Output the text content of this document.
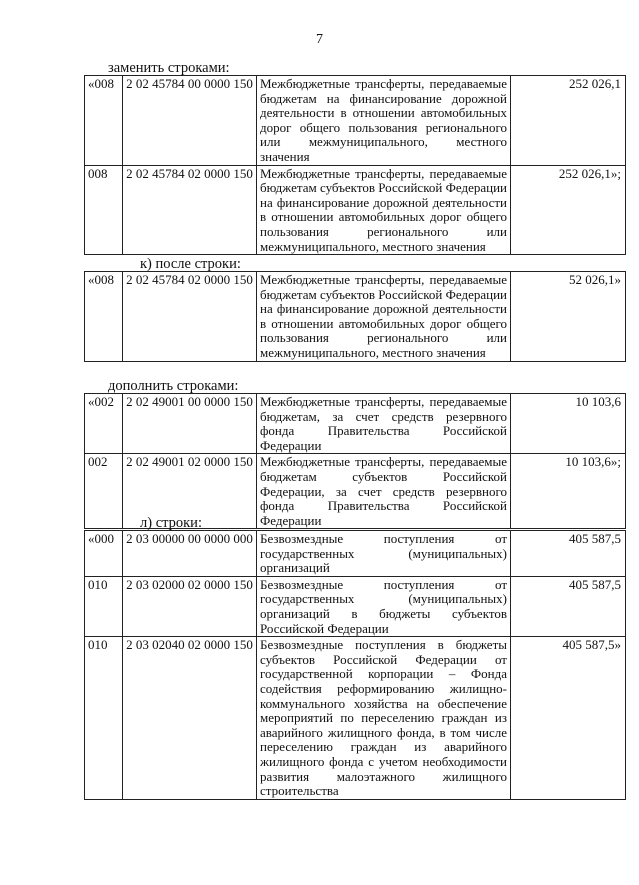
7
заменить строками:
«008	2 02 45784 00 0000 150	Межбюджетные трансферты, передаваемые бюджетам на финансирование дорожной деятельности в отношении автомобильных дорог общего пользования регионального или межмуниципального, местного значения	252 026,1
008	2 02 45784 02 0000 150	Межбюджетные трансферты, передаваемые бюджетам субъектов Российской Федерации на финансирование дорожной деятельности в отношении автомобильных дорог общего пользования регионального или межмуниципального, местного значения	252 026,1»;
к) после строки:
«008	2 02 45784 02 0000 150	Межбюджетные трансферты, передаваемые бюджетам субъектов Российской Федерации на финансирование дорожной деятельности в отношении автомобильных дорог общего пользования регионального или межмуниципального, местного значения	52 026,1»
дополнить строками:
«002	2 02 49001 00 0000 150	Межбюджетные трансферты, передаваемые бюджетам, за счет средств резервного фонда Правительства Российской Федерации	10 103,6
002	2 02 49001 02 0000 150	Межбюджетные трансферты, передаваемые бюджетам субъектов Российской Федерации, за счет средств резервного фонда Правительства Российской Федерации	10 103,6»;
л) строки:
«000	2 03 00000 00 0000 000	Безвозмездные поступления от государственных (муниципальных) организаций	405 587,5
010	2 03 02000 02 0000 150	Безвозмездные поступления от государственных (муниципальных) организаций в бюджеты субъектов Российской Федерации	405 587,5
010	2 03 02040 02 0000 150	Безвозмездные поступления в бюджеты субъектов Российской Федерации от государственной корпорации – Фонда содействия реформированию жилищно-коммунального хозяйства на обеспечение мероприятий по переселению граждан из аварийного жилищного фонда, в том числе переселению граждан из аварийного жилищного фонда с учетом необходимости развития малоэтажного жилищного строительства	405 587,5»
